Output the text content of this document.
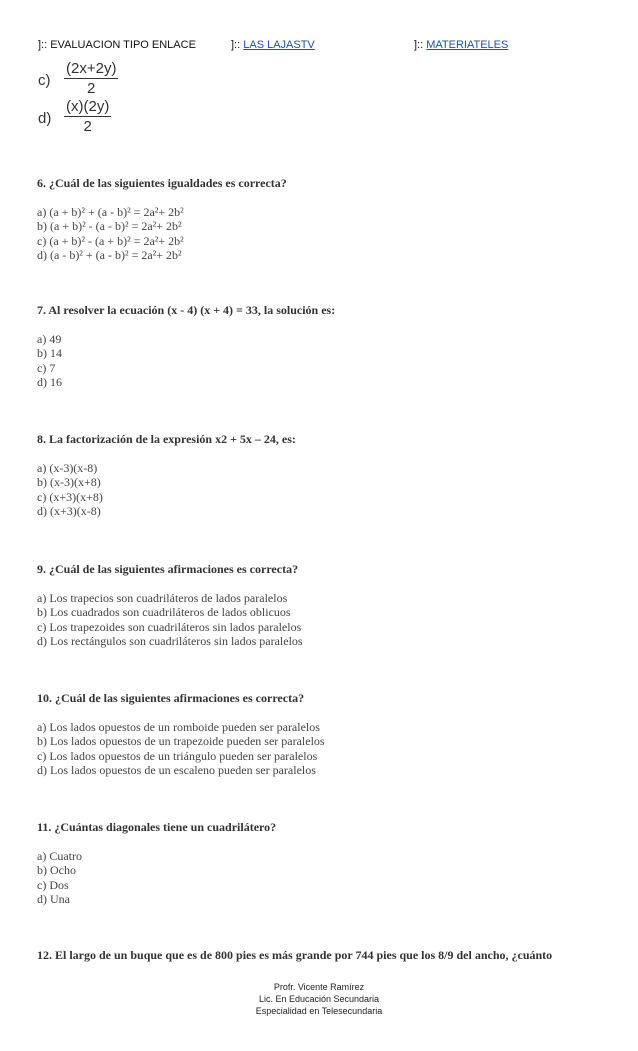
]:: EVALUACION TIPO ENLACE	]:: LAS LAJASTV	]:: MATERIATELES
$c) \frac{(2x+2y)}{2}$
$d) \frac{(x)(2y)}{2}$
6. ¿Cuál de las siguientes igualdades es correcta?
a) (a + b)² + (a - b)² = 2a²+ 2b²
b) (a + b)² - (a - b)² = 2a²+ 2b²
c) (a + b)² - (a + b)² = 2a²+ 2b²
d) (a - b)² + (a - b)² = 2a²+ 2b²
7. Al resolver la ecuación (x - 4) (x + 4) = 33, la solución es:
a) 49
b) 14
c) 7
d) 16
8. La factorización de la expresión x2 + 5x – 24, es:
a) (x-3)(x-8)
b) (x-3)(x+8)
c) (x+3)(x+8)
d) (x+3)(x-8)
9. ¿Cuál de las siguientes afirmaciones es correcta?
a) Los trapecios son cuadriláteros de lados paralelos
b) Los cuadrados son cuadriláteros de lados oblicuos
c) Los trapezoides son cuadriláteros sin lados paralelos
d) Los rectángulos son cuadriláteros sin lados paralelos
10. ¿Cuál de las siguientes afirmaciones es correcta?
a) Los lados opuestos de un romboide pueden ser paralelos
b) Los lados opuestos de un trapezoide pueden ser paralelos
c) Los lados opuestos de un triángulo pueden ser paralelos
d) Los lados opuestos de un escaleno pueden ser paralelos
11. ¿Cuántas diagonales tiene un cuadrilátero?
a) Cuatro
b) Ocho
c) Dos
d) Una
12. El largo de un buque que es de 800 pies es más grande por 744 pies que los 8/9 del ancho, ¿cuánto
Profr. Vicente Ramírez
Lic. En Educación Secundaria
Especialidad en Telesecundaria
